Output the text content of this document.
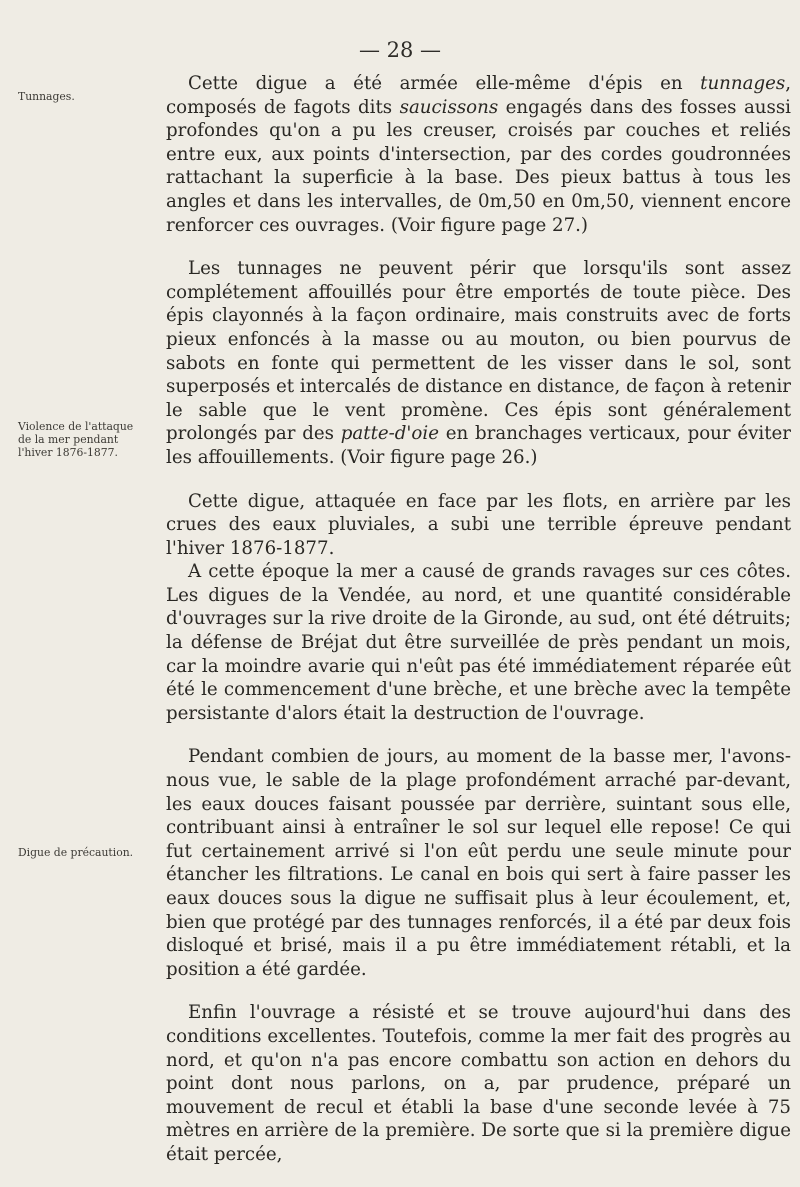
— 28 —
Tunnages.
Violence de l'attaque de la mer pendant l'hiver 1876-1877.
Digue de précaution.

Cette digue a été armée elle-même d'épis en tunnages, composés de fagots dits saucissons engagés dans des fosses aussi profondes qu'on a pu les creuser, croisés par couches et reliés entre eux, aux points d'intersection, par des cordes goudronnées rattachant la superficie à la base. Des pieux battus à tous les angles et dans les intervalles, de 0m,50 en 0m,50, viennent encore renforcer ces ouvrages. (Voir figure page 27.)

Les tunnages ne peuvent périr que lorsqu'ils sont assez complétement affouillés pour être emportés de toute pièce. Des épis clayonnés à la façon ordinaire, mais construits avec de forts pieux enfoncés à la masse ou au mouton, ou bien pourvus de sabots en fonte qui permettent de les visser dans le sol, sont superposés et intercalés de distance en distance, de façon à retenir le sable que le vent promène. Ces épis sont généralement prolongés par des patte-d'oie en branchages verticaux, pour éviter les affouillements. (Voir figure page 26.)

Cette digue, attaquée en face par les flots, en arrière par les crues des eaux pluviales, a subi une terrible épreuve pendant l'hiver 1876-1877.

A cette époque la mer a causé de grands ravages sur ces côtes. Les digues de la Vendée, au nord, et une quantité considérable d'ouvrages sur la rive droite de la Gironde, au sud, ont été détruits; la défense de Bréjat dut être surveillée de près pendant un mois, car la moindre avarie qui n'eût pas été immédiatement réparée eût été le commencement d'une brèche, et une brèche avec la tempête persistante d'alors était la destruction de l'ouvrage.

Pendant combien de jours, au moment de la basse mer, l'avons-nous vue, le sable de la plage profondément arraché par-devant, les eaux douces faisant poussée par derrière, suintant sous elle, contribuant ainsi à entraîner le sol sur lequel elle repose! Ce qui fut certainement arrivé si l'on eût perdu une seule minute pour étancher les filtrations. Le canal en bois qui sert à faire passer les eaux douces sous la digue ne suffisait plus à leur écoulement, et, bien que protégé par des tunnages renforcés, il a été par deux fois disloqué et brisé, mais il a pu être immédiatement rétabli, et la position a été gardée.

Enfin l'ouvrage a résisté et se trouve aujourd'hui dans des conditions excellentes. Toutefois, comme la mer fait des progrès au nord, et qu'on n'a pas encore combattu son action en dehors du point dont nous parlons, on a, par prudence, préparé un mouvement de recul et établi la base d'une seconde levée à 75 mètres en arrière de la première. De sorte que si la première digue était percée,
